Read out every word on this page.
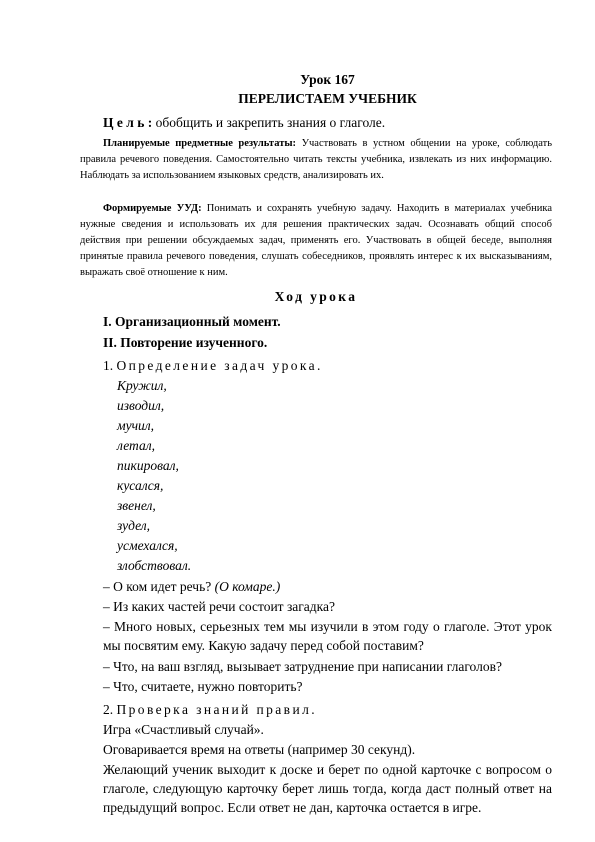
Урок 167

ПЕРЕЛИСТАЕМ УЧЕБНИК

Ц е л ь : обобщить и закрепить знания о глаголе.

Планируемые предметные результаты: Участвовать в устном общении на уроке, соблюдать правила речевого поведения. Самостоятельно читать тексты учебника, извлекать из них информацию. Наблюдать за использованием языковых средств, анализировать их.

Формируемые УУД: Понимать и сохранять учебную задачу. Находить в материалах учебника нужные сведения и использовать их для решения практических задач. Осознавать общий способ действия при решении обсуждаемых задач, применять его. Участвовать в общей беседе, выполняя принятые правила речевого поведения, слушать собеседников, проявлять интерес к их высказываниям, выражать своё отношение к ним.

Ход урока

I. Организационный момент.

II. Повторение изученного.

1. Определение задач урока.

Кружил,
изводил,
мучил,
летал,
пикировал,
кусался,
звенел,
зудел,
усмехался,
злобствовал.

– О ком идет речь? (О комаре.)

– Из каких частей речи состоит загадка?

– Много новых, серьезных тем мы изучили в этом году о глаголе. Этот урок мы посвятим ему. Какую задачу перед собой поставим?

– Что, на ваш взгляд, вызывает затруднение при написании глаголов?

– Что, считаете, нужно повторить?

2. Проверка знаний правил.

Игра «Счастливый случай».

Оговаривается время на ответы (например 30 секунд).

Желающий ученик выходит к доске и берет по одной карточке с вопросом о глаголе, следующую карточку берет лишь тогда, когда даст полный ответ на предыдущий вопрос. Если ответ не дан, карточка остается в игре.
